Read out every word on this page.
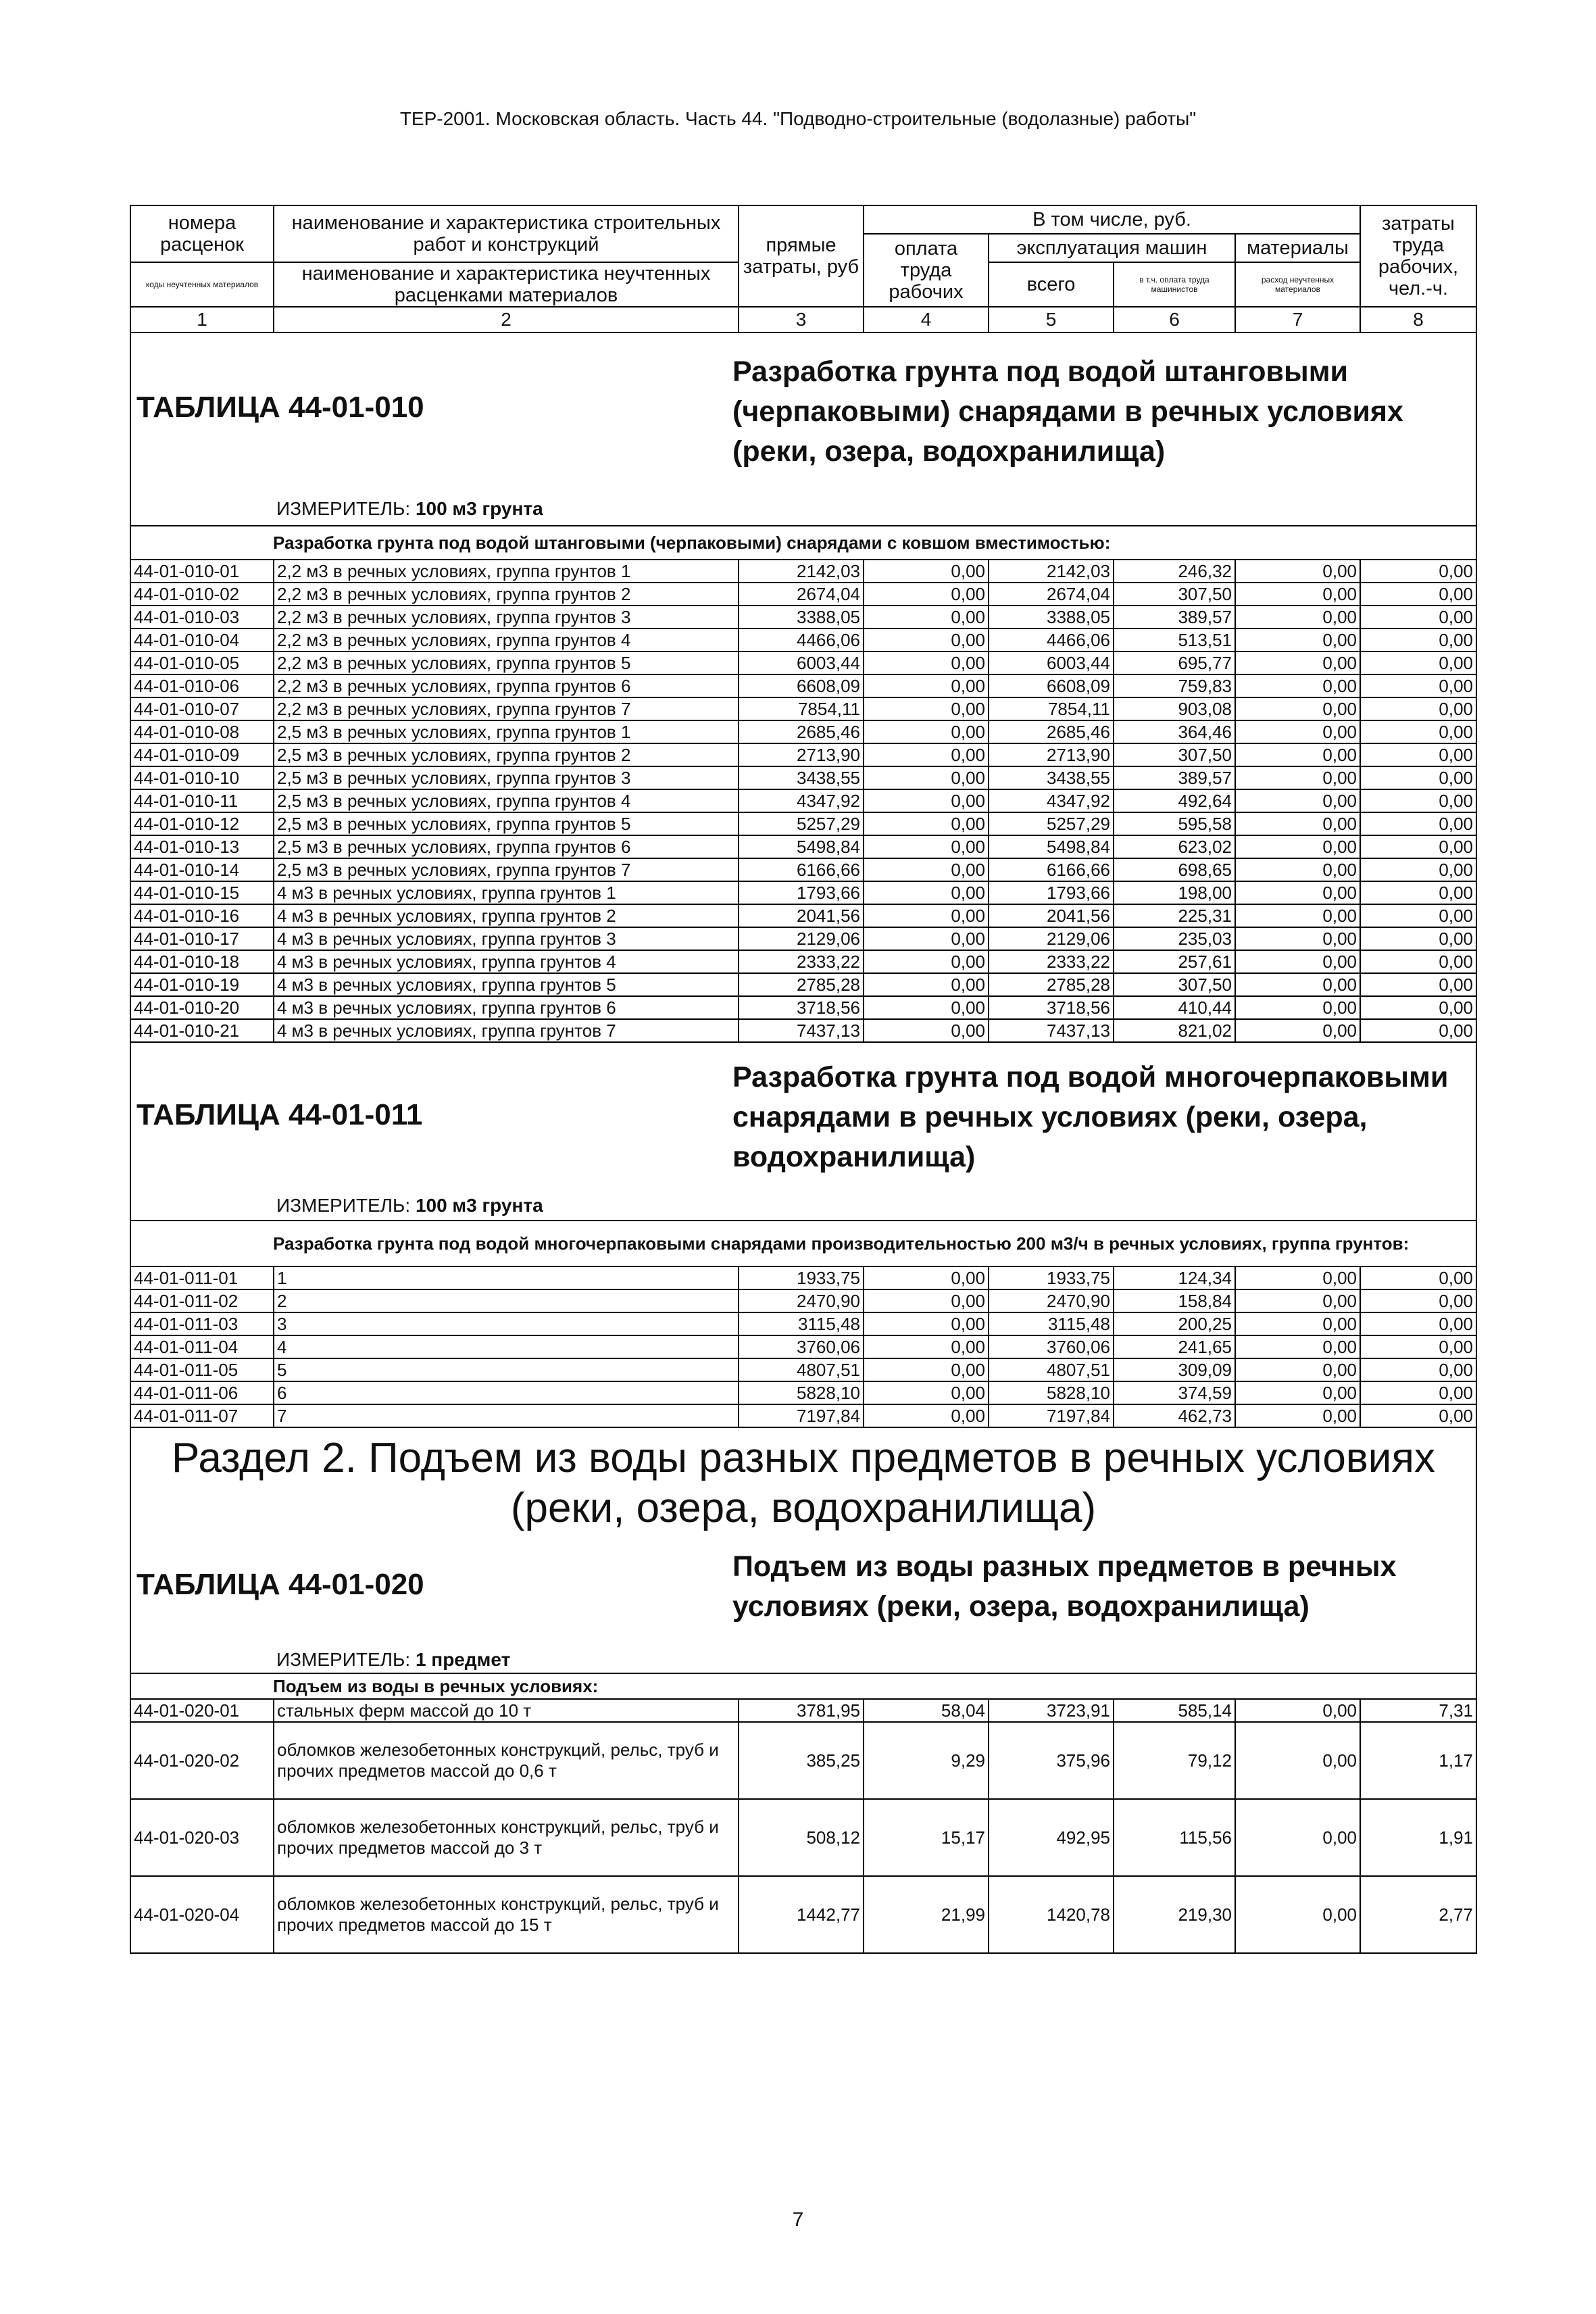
ТЕР-2001. Московская область. Часть 44. "Подводно-строительные (водолазные) работы"
номера расценок	наименование и характеристика строительных работ и конструкций	прямые затраты, руб	В том числе, руб.				затраты труда рабочих, чел.-ч.
			оплата труда рабочих	эксплуатация машин		материалы	
коды неучтенных материалов	наименование и характеристика неучтенных расценками материалов			всего	в т.ч. оплата труда машинистов	расход неучтенных материалов	

1	2	3	4	5	6	7	8

ТАБЛИЦА 44-01-010
Разработка грунта под водой штанговыми (черпаковыми) снарядами в речных условиях (реки, озера, водохранилища)
ИЗМЕРИТЕЛЬ: 100 м3 грунта							

Разработка грунта под водой штанговыми (черпаковыми) снарядами с ковшом вместимостью:							
44-01-010-01	2,2 м3 в речных условиях, группа грунтов 1	2142,03	0,00	2142,03	246,32	0,00	0,00
44-01-010-02	2,2 м3 в речных условиях, группа грунтов 2	2674,04	0,00	2674,04	307,50	0,00	0,00
44-01-010-03	2,2 м3 в речных условиях, группа грунтов 3	3388,05	0,00	3388,05	389,57	0,00	0,00
44-01-010-04	2,2 м3 в речных условиях, группа грунтов 4	4466,06	0,00	4466,06	513,51	0,00	0,00
44-01-010-05	2,2 м3 в речных условиях, группа грунтов 5	6003,44	0,00	6003,44	695,77	0,00	0,00
44-01-010-06	2,2 м3 в речных условиях, группа грунтов 6	6608,09	0,00	6608,09	759,83	0,00	0,00
44-01-010-07	2,2 м3 в речных условиях, группа грунтов 7	7854,11	0,00	7854,11	903,08	0,00	0,00
44-01-010-08	2,5 м3 в речных условиях, группа грунтов 1	2685,46	0,00	2685,46	364,46	0,00	0,00
44-01-010-09	2,5 м3 в речных условиях, группа грунтов 2	2713,90	0,00	2713,90	307,50	0,00	0,00
44-01-010-10	2,5 м3 в речных условиях, группа грунтов 3	3438,55	0,00	3438,55	389,57	0,00	0,00
44-01-010-11	2,5 м3 в речных условиях, группа грунтов 4	4347,92	0,00	4347,92	492,64	0,00	0,00
44-01-010-12	2,5 м3 в речных условиях, группа грунтов 5	5257,29	0,00	5257,29	595,58	0,00	0,00
44-01-010-13	2,5 м3 в речных условиях, группа грунтов 6	5498,84	0,00	5498,84	623,02	0,00	0,00
44-01-010-14	2,5 м3 в речных условиях, группа грунтов 7	6166,66	0,00	6166,66	698,65	0,00	0,00
44-01-010-15	4 м3 в речных условиях, группа грунтов 1	1793,66	0,00	1793,66	198,00	0,00	0,00
44-01-010-16	4 м3 в речных условиях, группа грунтов 2	2041,56	0,00	2041,56	225,31	0,00	0,00
44-01-010-17	4 м3 в речных условиях, группа грунтов 3	2129,06	0,00	2129,06	235,03	0,00	0,00
44-01-010-18	4 м3 в речных условиях, группа грунтов 4	2333,22	0,00	2333,22	257,61	0,00	0,00
44-01-010-19	4 м3 в речных условиях, группа грунтов 5	2785,28	0,00	2785,28	307,50	0,00	0,00
44-01-010-20	4 м3 в речных условиях, группа грунтов 6	3718,56	0,00	3718,56	410,44	0,00	0,00
44-01-010-21	4 м3 в речных условиях, группа грунтов 7	7437,13	0,00	7437,13	821,02	0,00	0,00

ТАБЛИЦА 44-01-011
Разработка грунта под водой многочерпаковыми снарядами в речных условиях (реки, озера, водохранилища)
ИЗМЕРИТЕЛЬ: 100 м3 грунта							

Разработка грунта под водой многочерпаковыми снарядами производительностью 200 м3/ч в речных условиях, группа грунтов:							
44-01-011-01	1	1933,75	0,00	1933,75	124,34	0,00	0,00
44-01-011-02	2	2470,90	0,00	2470,90	158,84	0,00	0,00
44-01-011-03	3	3115,48	0,00	3115,48	200,25	0,00	0,00
44-01-011-04	4	3760,06	0,00	3760,06	241,65	0,00	0,00
44-01-011-05	5	4807,51	0,00	4807,51	309,09	0,00	0,00
44-01-011-06	6	5828,10	0,00	5828,10	374,59	0,00	0,00
44-01-011-07	7	7197,84	0,00	7197,84	462,73	0,00	0,00

Раздел 2. Подъем из воды разных предметов в речных условиях (реки, озера, водохранилища)							

ТАБЛИЦА 44-01-020
Подъем из воды разных предметов в речных условиях (реки, озера, водохранилища)
ИЗМЕРИТЕЛЬ: 1 предмет							

Подъем из воды в речных условиях:							
44-01-020-01	стальных ферм массой до 10 т	3781,95	58,04	3723,91	585,14	0,00	7,31
44-01-020-02	обломков железобетонных конструкций, рельс, труб и прочих предметов массой до 0,6 т	385,25	9,29	375,96	79,12	0,00	1,17
44-01-020-03	обломков железобетонных конструкций, рельс, труб и прочих предметов массой до 3 т	508,12	15,17	492,95	115,56	0,00	1,91
44-01-020-04	обломков железобетонных конструкций, рельс, труб и прочих предметов массой до 15 т	1442,77	21,99	1420,78	219,30	0,00	2,77
7
